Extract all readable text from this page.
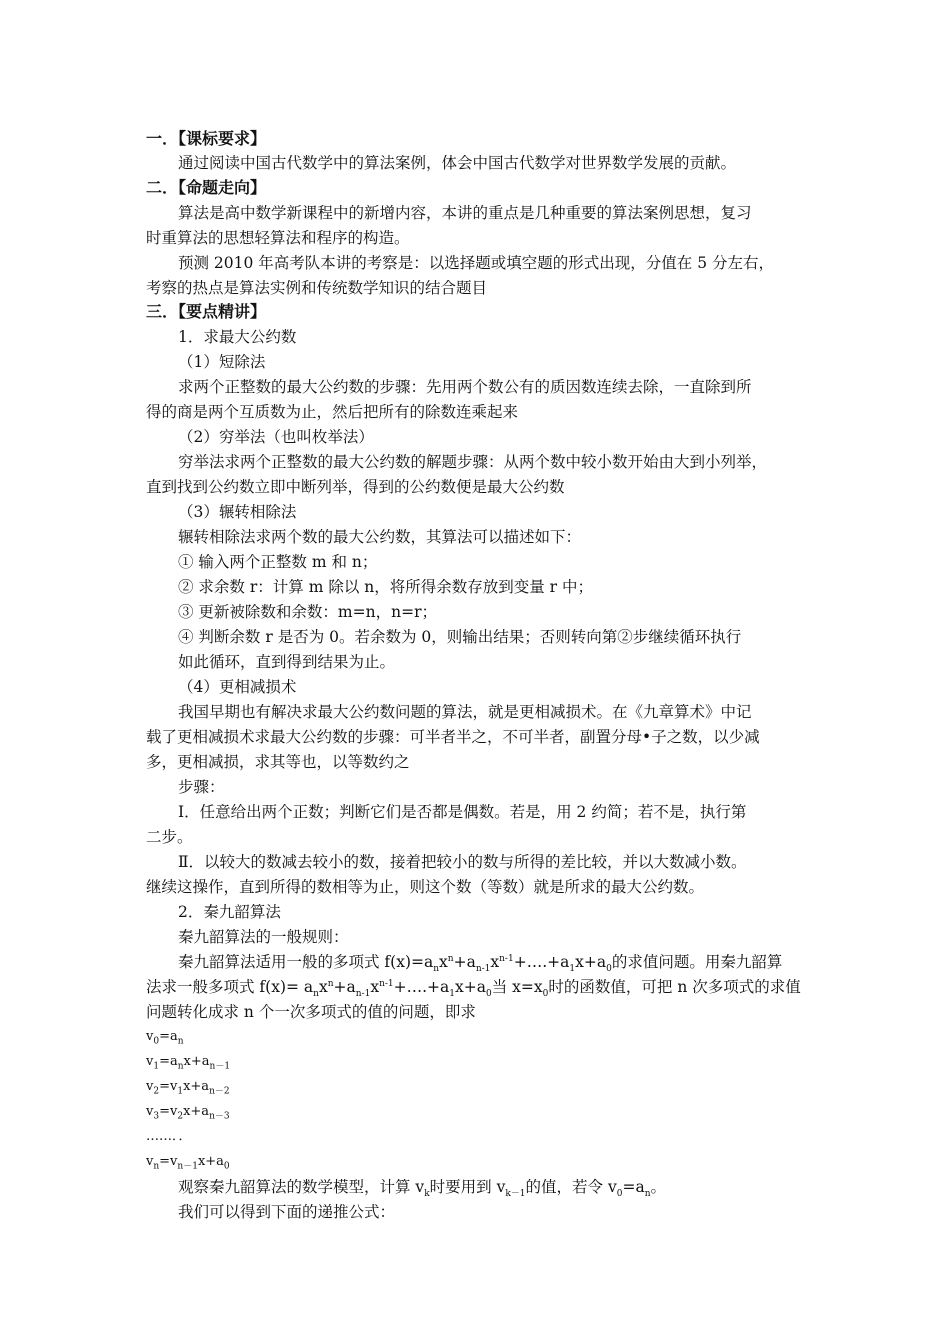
一．【课标要求】
通过阅读中国古代数学中的算法案例，体会中国古代数学对世界数学发展的贡献。
二．【命题走向】
算法是高中数学新课程中的新增内容，本讲的重点是几种重要的算法案例思想，复习
时重算法的思想轻算法和程序的构造。
预测 2010 年高考队本讲的考察是：以选择题或填空题的形式出现，分值在 5 分左右，
考察的热点是算法实例和传统数学知识的结合题目
三．【要点精讲】
1．求最大公约数
（1）短除法
求两个正整数的最大公约数的步骤：先用两个数公有的质因数连续去除，一直除到所
得的商是两个互质数为止，然后把所有的除数连乘起来
（2）穷举法（也叫枚举法）
穷举法求两个正整数的最大公约数的解题步骤：从两个数中较小数开始由大到小列举，
直到找到公约数立即中断列举，得到的公约数便是最大公约数
（3）辗转相除法
辗转相除法求两个数的最大公约数，其算法可以描述如下：
① 输入两个正整数 m 和 n；
② 求余数 r：计算 m 除以 n，将所得余数存放到变量 r 中；
③ 更新被除数和余数：m=n，n=r；
④ 判断余数 r 是否为 0。若余数为 0，则输出结果；否则转向第②步继续循环执行
如此循环，直到得到结果为止。
（4）更相减损术
我国早期也有解决求最大公约数问题的算法，就是更相减损术。在《九章算术》中记
载了更相减损术求最大公约数的步骤：可半者半之，不可半者，副置分母•子之数，以少减
多，更相减损，求其等也，以等数约之
步骤：
Ⅰ．任意给出两个正数；判断它们是否都是偶数。若是，用 2 约简；若不是，执行第
二步。
Ⅱ．以较大的数减去较小的数，接着把较小的数与所得的差比较，并以大数减小数。
继续这操作，直到所得的数相等为止，则这个数（等数）就是所求的最大公约数。
2．秦九韶算法
秦九韶算法的一般规则：
秦九韶算法适用一般的多项式 $f(x)=a_nx^n+a_{n-1}x^{n-1}+\dots.+a_1x+a_0$的求值问题。用秦九韶算
法求一般多项式 $f(x)= a_nx^n+a_{n-1}x^{n-1}+\dots.+a_1x+a_0$当 $x=x_0$时的函数值，可把 n 次多项式的求值
问题转化成求 n 个一次多项式的值的问题，即求
$v_0=a_n$
$v_1=a_nx+a_{n-1}$
$v_2=v_1x+a_{n-2}$
$v_3=v_2x+a_{n-3}$
……．．
$v_n=v_{n-1}x+a_0$
观察秦九韶算法的数学模型，计算 $v_k$时要用到 $v_{k-1}$的值，若令 $v_0=a_n$。
我们可以得到下面的递推公式：
